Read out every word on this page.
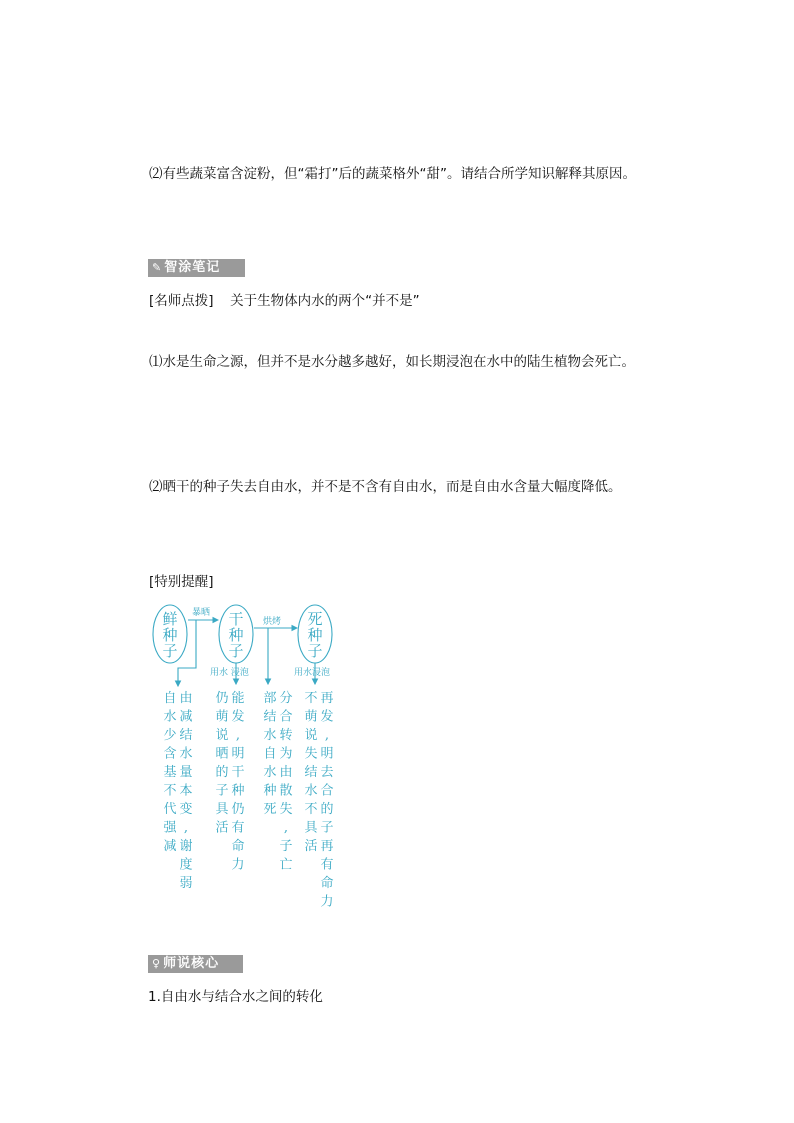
⑵有些蔬菜富含淀粉，但“霜打”后的蔬菜格外“甜”。请结合所学知识解释其原因。
✎ 智涂笔记
[名师点拨] 关于生物体内水的两个“并不是”
⑴水是生命之源，但并不是水分越多越好，如长期浸泡在水中的陆生植物会死亡。
⑵晒干的种子失去自由水，并不是不含有自由水，而是自由水含量大幅度降低。
[特别提醒]
鲜
种
子
干
种
子
死
种
子
暴晒
烘烤
用水 浸泡	用水浸泡
自
水
少
含
基
不
代
强
减
由
减
结
水
量
本
变
,
谢
度
弱
仍
萌
说
晒
的
子
具
活
能
发
,
明
干
种
仍
有
命
力
部
结
水
自
水
种
死
分
合
转
为
由
散
失
,
子
亡
不
萌
说
失
结
水
不
具
活
再
发
,
明
去
合
的
子
再
有
命
力
♀ 师说核心
1.自由水与结合水之间的转化
